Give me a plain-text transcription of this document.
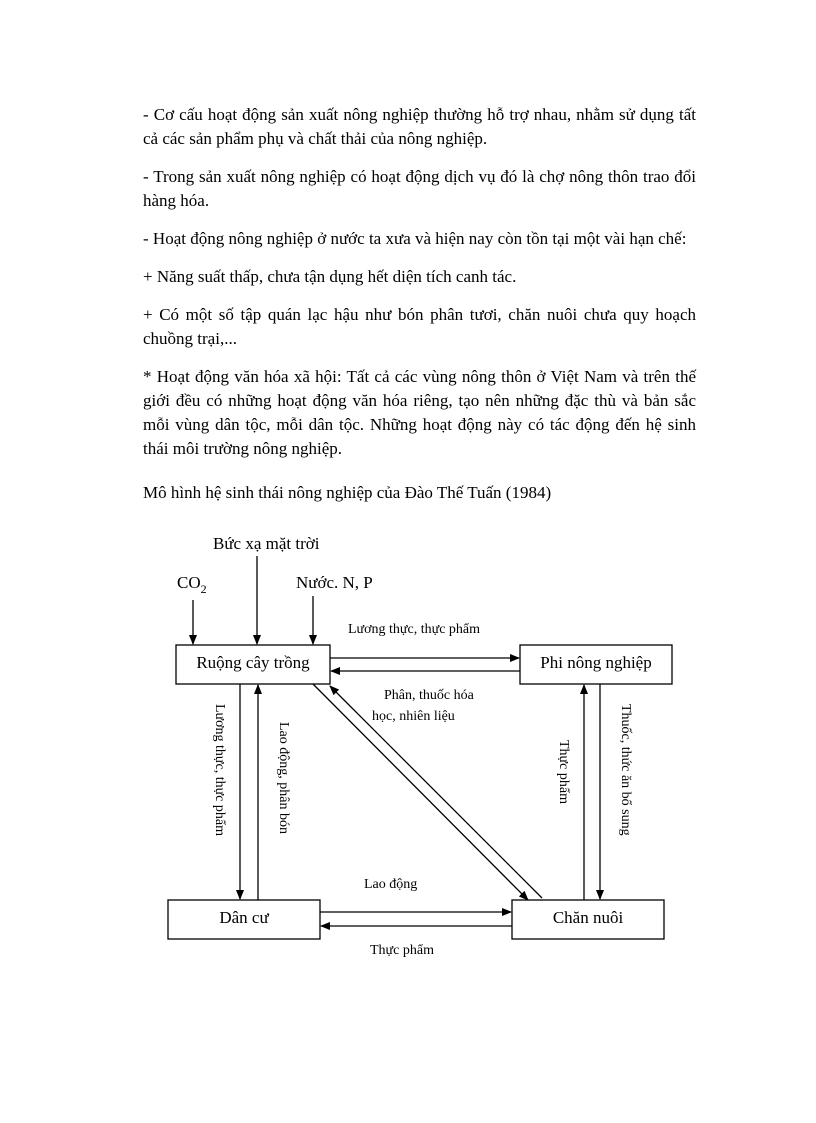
- Cơ cấu hoạt động sản xuất nông nghiệp thường hỗ trợ nhau, nhằm sử dụng tất cả các sản phẩm phụ và chất thải của nông nghiệp.

- Trong sản xuất nông nghiệp có hoạt động dịch vụ đó là chợ nông thôn trao đổi hàng hóa.

- Hoạt động nông nghiệp ở nước ta xưa và hiện nay còn tồn tại một vài hạn chế:

+ Năng suất thấp, chưa tận dụng hết diện tích canh tác.

+ Có một số tập quán lạc hậu như bón phân tươi, chăn nuôi chưa quy hoạch chuồng trại,...

* Hoạt động văn hóa xã hội: Tất cả các vùng nông thôn ở Việt Nam và trên thế giới đều có những hoạt động văn hóa riêng, tạo nên những đặc thù và bản sắc mỗi vùng dân tộc, mỗi dân tộc. Những hoạt động này có tác động đến hệ sinh thái môi trường nông nghiệp.

Mô hình hệ sinh thái nông nghiệp của Đào Thế Tuấn (1984)
Bức xạ mặt trời
$CO_2$	Nước. N, P
Ruộng cây trồng	Phi nông nghiệp
Dân cư	Chăn nuôi
Lương thực, thực phẩm
Phân, thuốc hóa
học, nhiên liệu
Lương thực, thực phẩm	Lao động, phân bón	Thực phẩm	Thuốc, thức ăn bổ sung
Lao động
Thực phẩm
